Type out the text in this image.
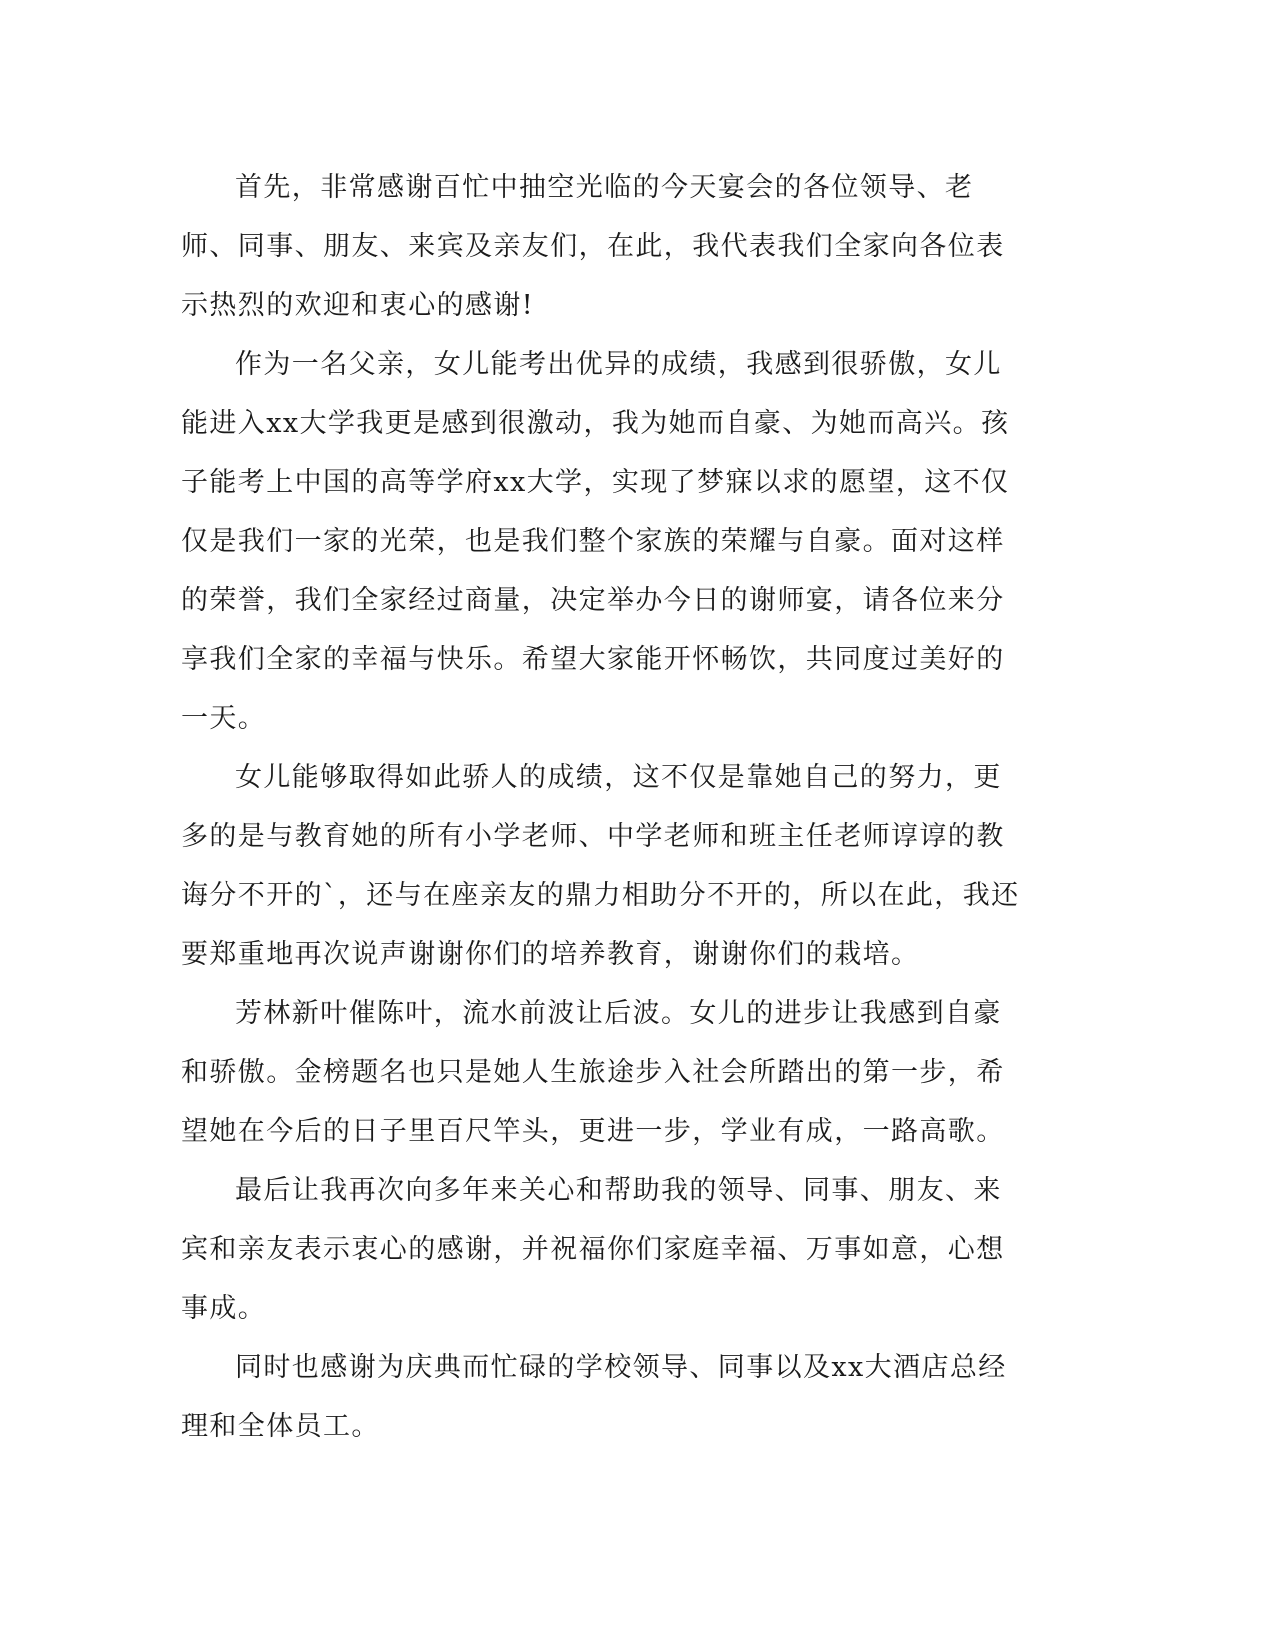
首先，非常感谢百忙中抽空光临的今天宴会的各位领导、老师、同事、朋友、来宾及亲友们，在此，我代表我们全家向各位表示热烈的欢迎和衷心的感谢!

作为一名父亲，女儿能考出优异的成绩，我感到很骄傲，女儿能进入xx大学我更是感到很激动，我为她而自豪、为她而高兴。孩子能考上中国的高等学府xx大学，实现了梦寐以求的愿望，这不仅仅是我们一家的光荣，也是我们整个家族的荣耀与自豪。面对这样的荣誉，我们全家经过商量，决定举办今日的谢师宴，请各位来分享我们全家的幸福与快乐。希望大家能开怀畅饮，共同度过美好的一天。

女儿能够取得如此骄人的成绩，这不仅是靠她自己的努力，更多的是与教育她的所有小学老师、中学老师和班主任老师谆谆的教诲分不开的`，还与在座亲友的鼎力相助分不开的，所以在此，我还要郑重地再次说声谢谢你们的培养教育，谢谢你们的栽培。

芳林新叶催陈叶，流水前波让后波。女儿的进步让我感到自豪和骄傲。金榜题名也只是她人生旅途步入社会所踏出的第一步，希望她在今后的日子里百尺竿头，更进一步，学业有成，一路高歌。

最后让我再次向多年来关心和帮助我的领导、同事、朋友、来宾和亲友表示衷心的感谢，并祝福你们家庭幸福、万事如意，心想事成。

同时也感谢为庆典而忙碌的学校领导、同事以及xx大酒店总经理和全体员工。
